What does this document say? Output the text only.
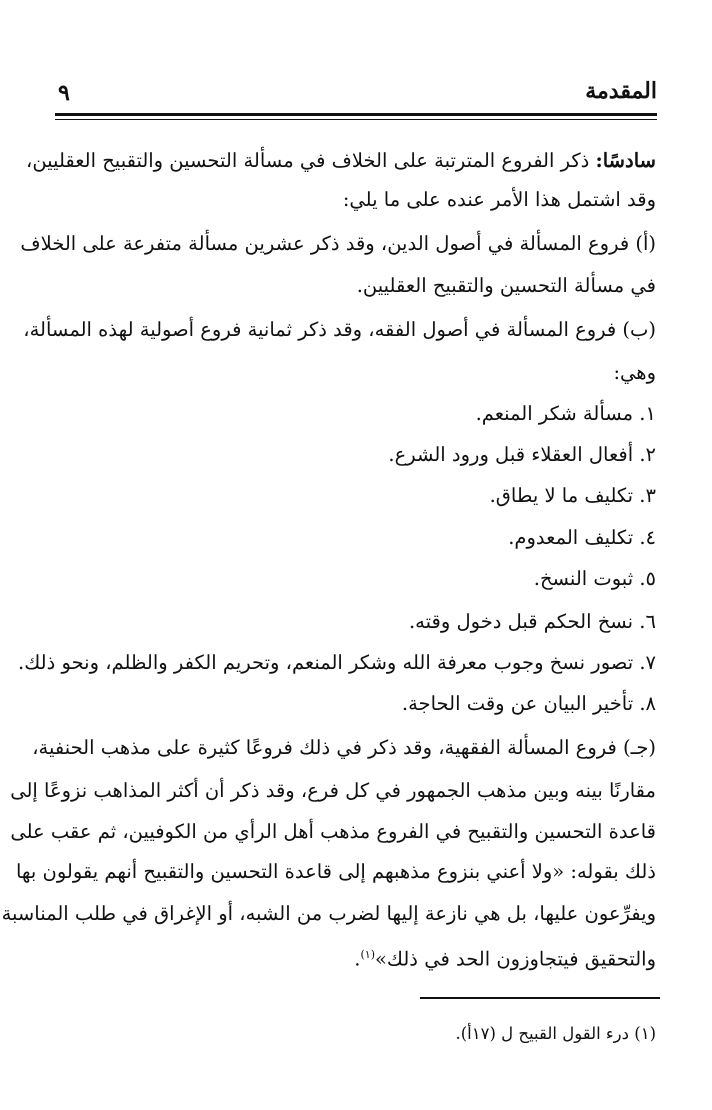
٩	المقدمة
سادسًا: ذكر الفروع المترتبة على الخلاف في مسألة التحسين والتقبيح العقليين،
وقد اشتمل هذا الأمر عنده على ما يلي:
(أ) فروع المسألة في أصول الدين، وقد ذكر عشرين مسألة متفرعة على الخلاف
في مسألة التحسين والتقبيح العقليين.
(ب) فروع المسألة في أصول الفقه، وقد ذكر ثمانية فروع أصولية لهذه المسألة،
وهي:
١. مسألة شكر المنعم.
٢. أفعال العقلاء قبل ورود الشرع.
٣. تكليف ما لا يطاق.
٤. تكليف المعدوم.
٥. ثبوت النسخ.
٦. نسخ الحكم قبل دخول وقته.
٧. تصور نسخ وجوب معرفة الله وشكر المنعم، وتحريم الكفر والظلم، ونحو ذلك.
٨. تأخير البيان عن وقت الحاجة.
(جـ) فروع المسألة الفقهية، وقد ذكر في ذلك فروعًا كثيرة على مذهب الحنفية،
مقارنًا بينه وبين مذهب الجمهور في كل فرع، وقد ذكر أن أكثر المذاهب نزوعًا إلى
قاعدة التحسين والتقبيح في الفروع مذهب أهل الرأي من الكوفيين، ثم عقب على
ذلك بقوله: «ولا أعني بنزوع مذهبهم إلى قاعدة التحسين والتقبيح أنهم يقولون بها
ويفرِّعون عليها، بل هي نازعة إليها لضرب من الشبه، أو الإغراق في طلب المناسبة
والتحقيق فيتجاوزون الحد في ذلك»$^{(١)}$.
(١) درء القول القبيح ل (١٧أ).
